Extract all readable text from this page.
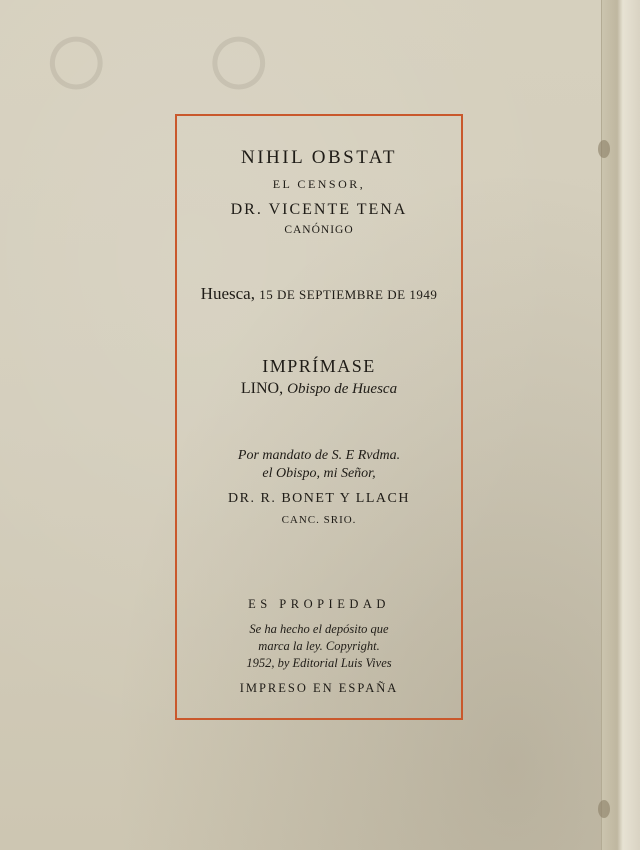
○ ○
NIHIL OBSTAT
EL CENSOR,
DR. VICENTE TENA
CANÓNIGO
Huesca, 15 DE SEPTIEMBRE DE 1949
IMPRÍMASE
LINO, Obispo de Huesca
Por mandato de S. E Rvdma.
el Obispo, mi Señor,
DR. R. BONET Y LLACH
CANC. SRIO.
ES PROPIEDAD
Se ha hecho el depósito que
marca la ley. Copyright.
1952, by Editorial Luis Vives
IMPRESO EN ESPAÑA
